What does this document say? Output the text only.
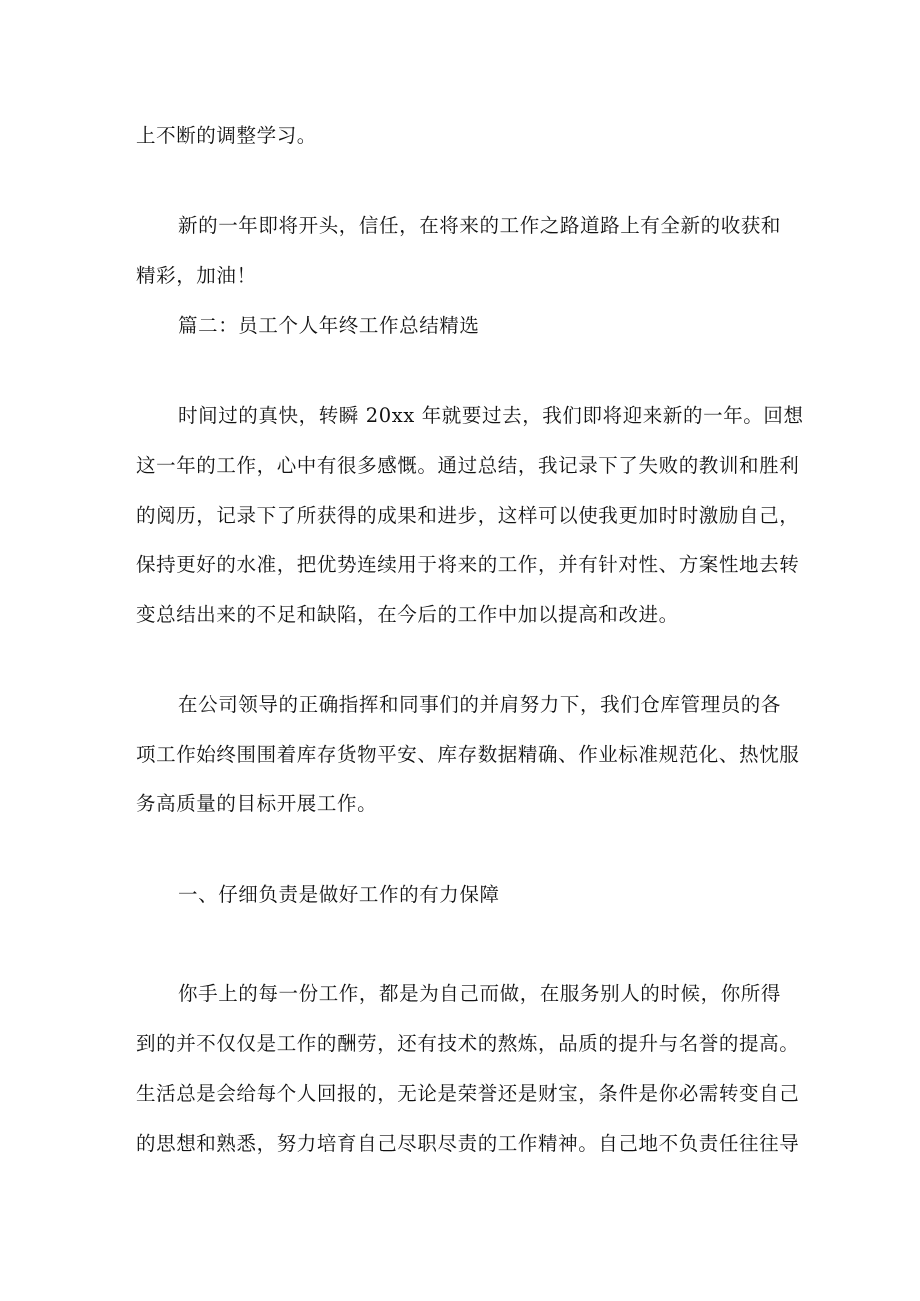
上不断的调整学习。
新的一年即将开头，信任，在将来的工作之路道路上有全新的收获和
精彩，加油！
篇二：员工个人年终工作总结精选
时间过的真快，转瞬 20xx 年就要过去，我们即将迎来新的一年。回想
这一年的工作，心中有很多感慨。通过总结，我记录下了失败的教训和胜利
的阅历，记录下了所获得的成果和进步，这样可以使我更加时时激励自己，
保持更好的水准，把优势连续用于将来的工作，并有针对性、方案性地去转
变总结出来的不足和缺陷，在今后的工作中加以提高和改进。
在公司领导的正确指挥和同事们的并肩努力下，我们仓库管理员的各
项工作始终围围着库存货物平安、库存数据精确、作业标准规范化、热忱服
务高质量的目标开展工作。
一、仔细负责是做好工作的有力保障
你手上的每一份工作，都是为自己而做，在服务别人的时候，你所得
到的并不仅仅是工作的酬劳，还有技术的熬炼，品质的提升与名誉的提高。
生活总是会给每个人回报的，无论是荣誉还是财宝，条件是你必需转变自己
的思想和熟悉，努力培育自己尽职尽责的工作精神。自己地不负责任往往导
